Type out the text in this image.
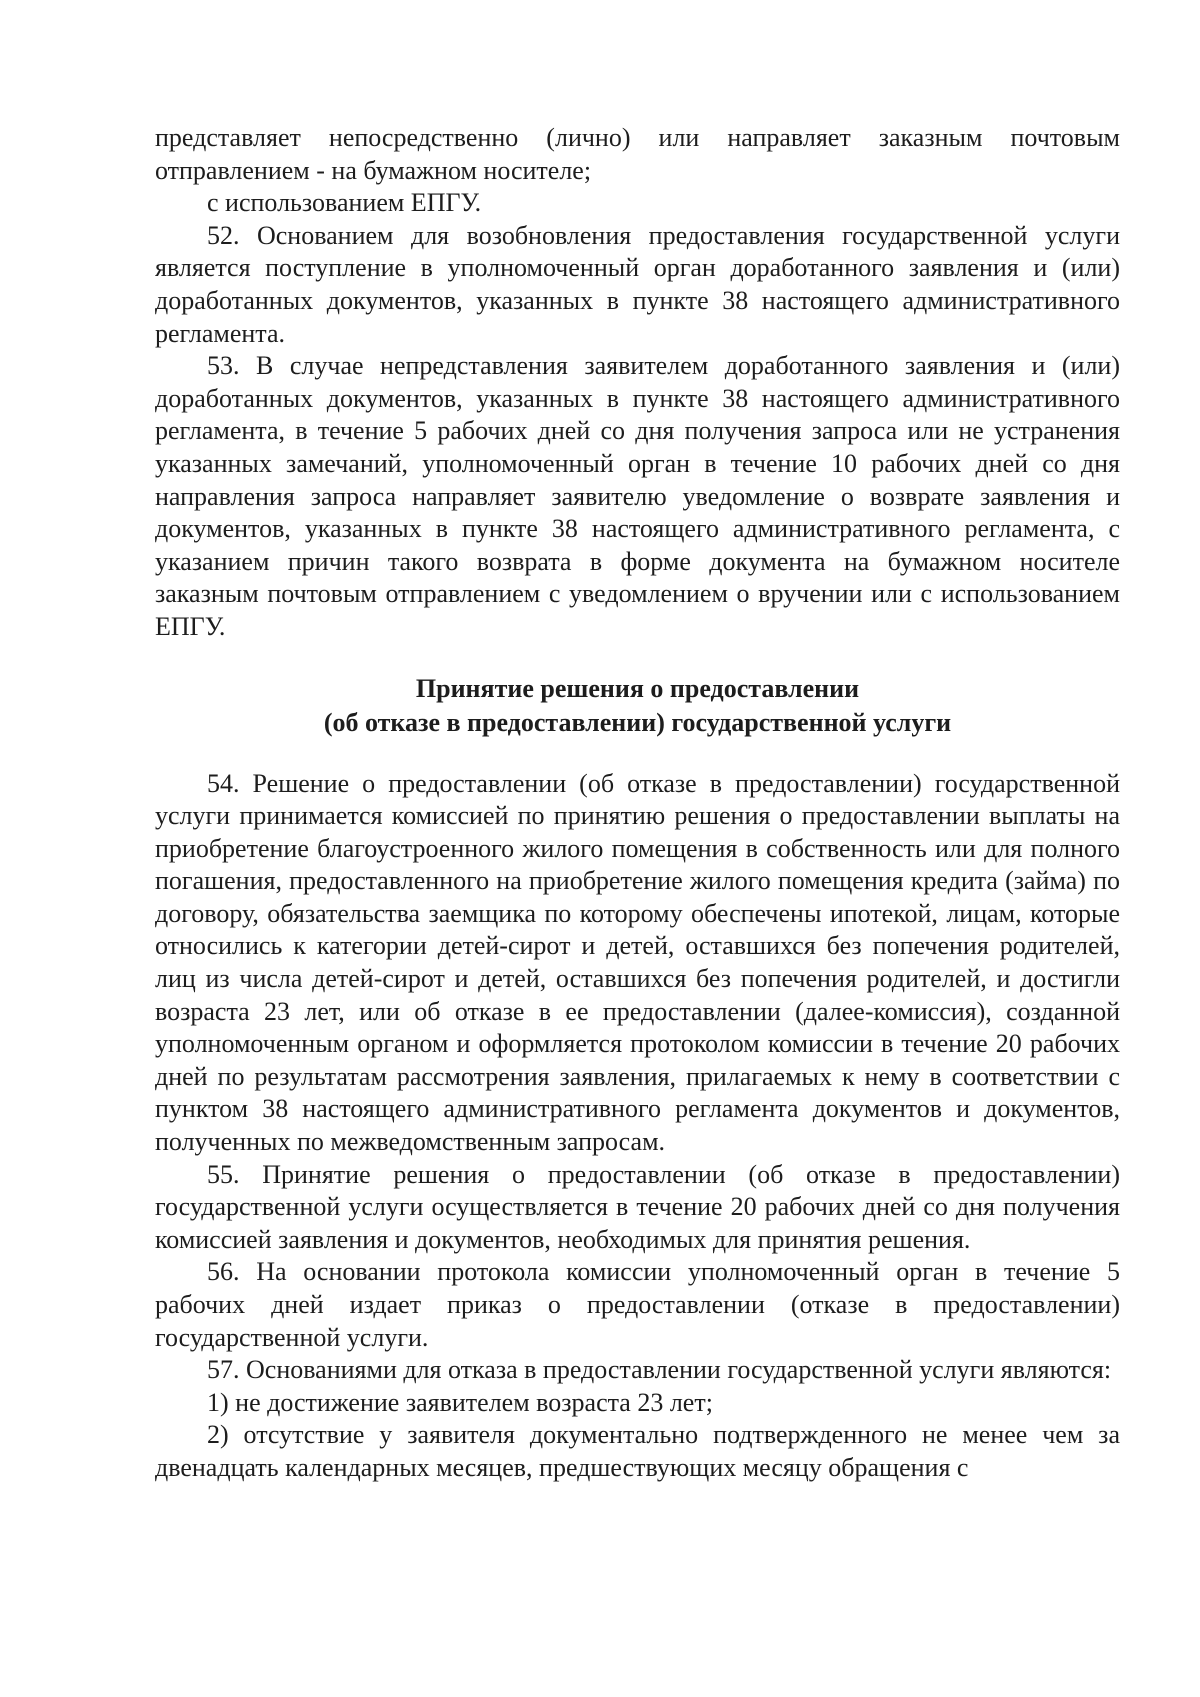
представляет непосредственно (лично) или направляет заказным почтовым отправлением - на бумажном носителе;

с использованием ЕПГУ.

52. Основанием для возобновления предоставления государственной услуги является поступление в уполномоченный орган доработанного заявления и (или) доработанных документов, указанных в пункте 38 настоящего административного регламента.

53. В случае непредставления заявителем доработанного заявления и (или) доработанных документов, указанных в пункте 38 настоящего административного регламента, в течение 5 рабочих дней со дня получения запроса или не устранения указанных замечаний, уполномоченный орган в течение 10 рабочих дней со дня направления запроса направляет заявителю уведомление о возврате заявления и документов, указанных в пункте 38 настоящего административного регламента, с указанием причин такого возврата в форме документа на бумажном носителе заказным почтовым отправлением с уведомлением о вручении или с использованием ЕПГУ.

Принятие решения о предоставлении
(об отказе в предоставлении) государственной услуги

54. Решение о предоставлении (об отказе в предоставлении) государственной услуги принимается комиссией по принятию решения о предоставлении выплаты на приобретение благоустроенного жилого помещения в собственность или для полного погашения, предоставленного на приобретение жилого помещения кредита (займа) по договору, обязательства заемщика по которому обеспечены ипотекой, лицам, которые относились к категории детей-сирот и детей, оставшихся без попечения родителей, лиц из числа детей-сирот и детей, оставшихся без попечения родителей, и достигли возраста 23 лет, или об отказе в ее предоставлении (далее-комиссия), созданной уполномоченным органом и оформляется протоколом комиссии в течение 20 рабочих дней по результатам рассмотрения заявления, прилагаемых к нему в соответствии с пунктом 38 настоящего административного регламента документов и документов, полученных по межведомственным запросам.

55. Принятие решения о предоставлении (об отказе в предоставлении) государственной услуги осуществляется в течение 20 рабочих дней со дня получения комиссией заявления и документов, необходимых для принятия решения.

56. На основании протокола комиссии уполномоченный орган в течение 5 рабочих дней издает приказ о предоставлении (отказе в предоставлении) государственной услуги.

57. Основаниями для отказа в предоставлении государственной услуги являются:

1) не достижение заявителем возраста 23 лет;

2) отсутствие у заявителя документально подтвержденного не менее чем за двенадцать календарных месяцев, предшествующих месяцу обращения с
